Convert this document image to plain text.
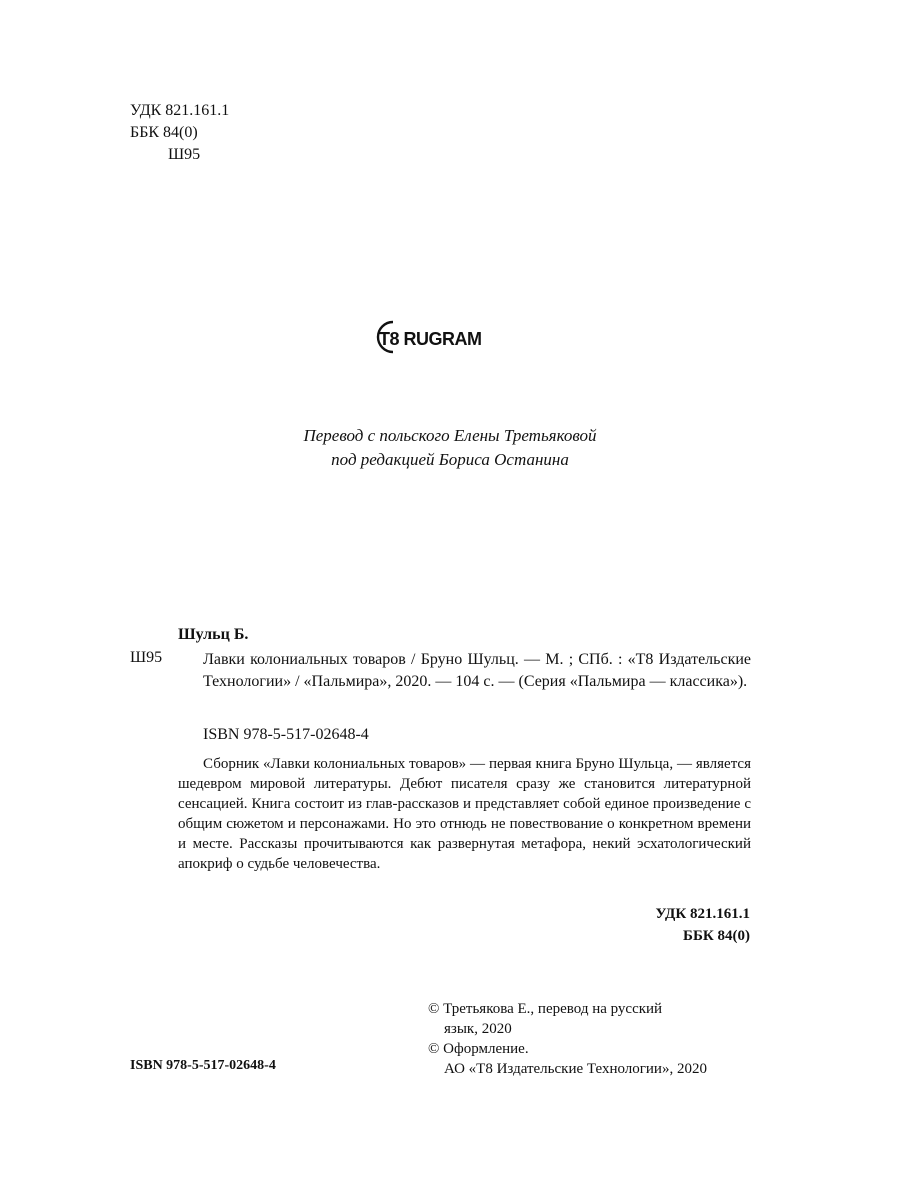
УДК 821.161.1
ББК 84(0)
Ш95
T8 RUGRAM
Перевод с польского Елены Третьяковой
под редакцией Бориса Останина
Шульц Б.
Ш95	Лавки колониальных товаров / Бруно Шульц. — М. ; СПб. : «Т8 Издательские Технологии» / «Пальмира», 2020. — 104 с. — (Серия «Пальмира — классика»).
ISBN 978-5-517-02648-4
Сборник «Лавки колониальных товаров» — первая книга Бруно Шульца, — является шедевром мировой литературы. Дебют писателя сразу же становится литературной сенсацией. Книга состоит из глав-рассказов и представляет собой единое произведение с общим сюжетом и персонажами. Но это отнюдь не повествование о конкретном времени и месте. Рассказы прочитываются как развернутая метафора, некий эсхатологический апокриф о судьбе человечества.
УДК 821.161.1
ББК 84(0)
© Третьякова Е., перевод на русский
язык, 2020
© Оформление.
АО «Т8 Издательские Технологии», 2020
ISBN 978-5-517-02648-4
